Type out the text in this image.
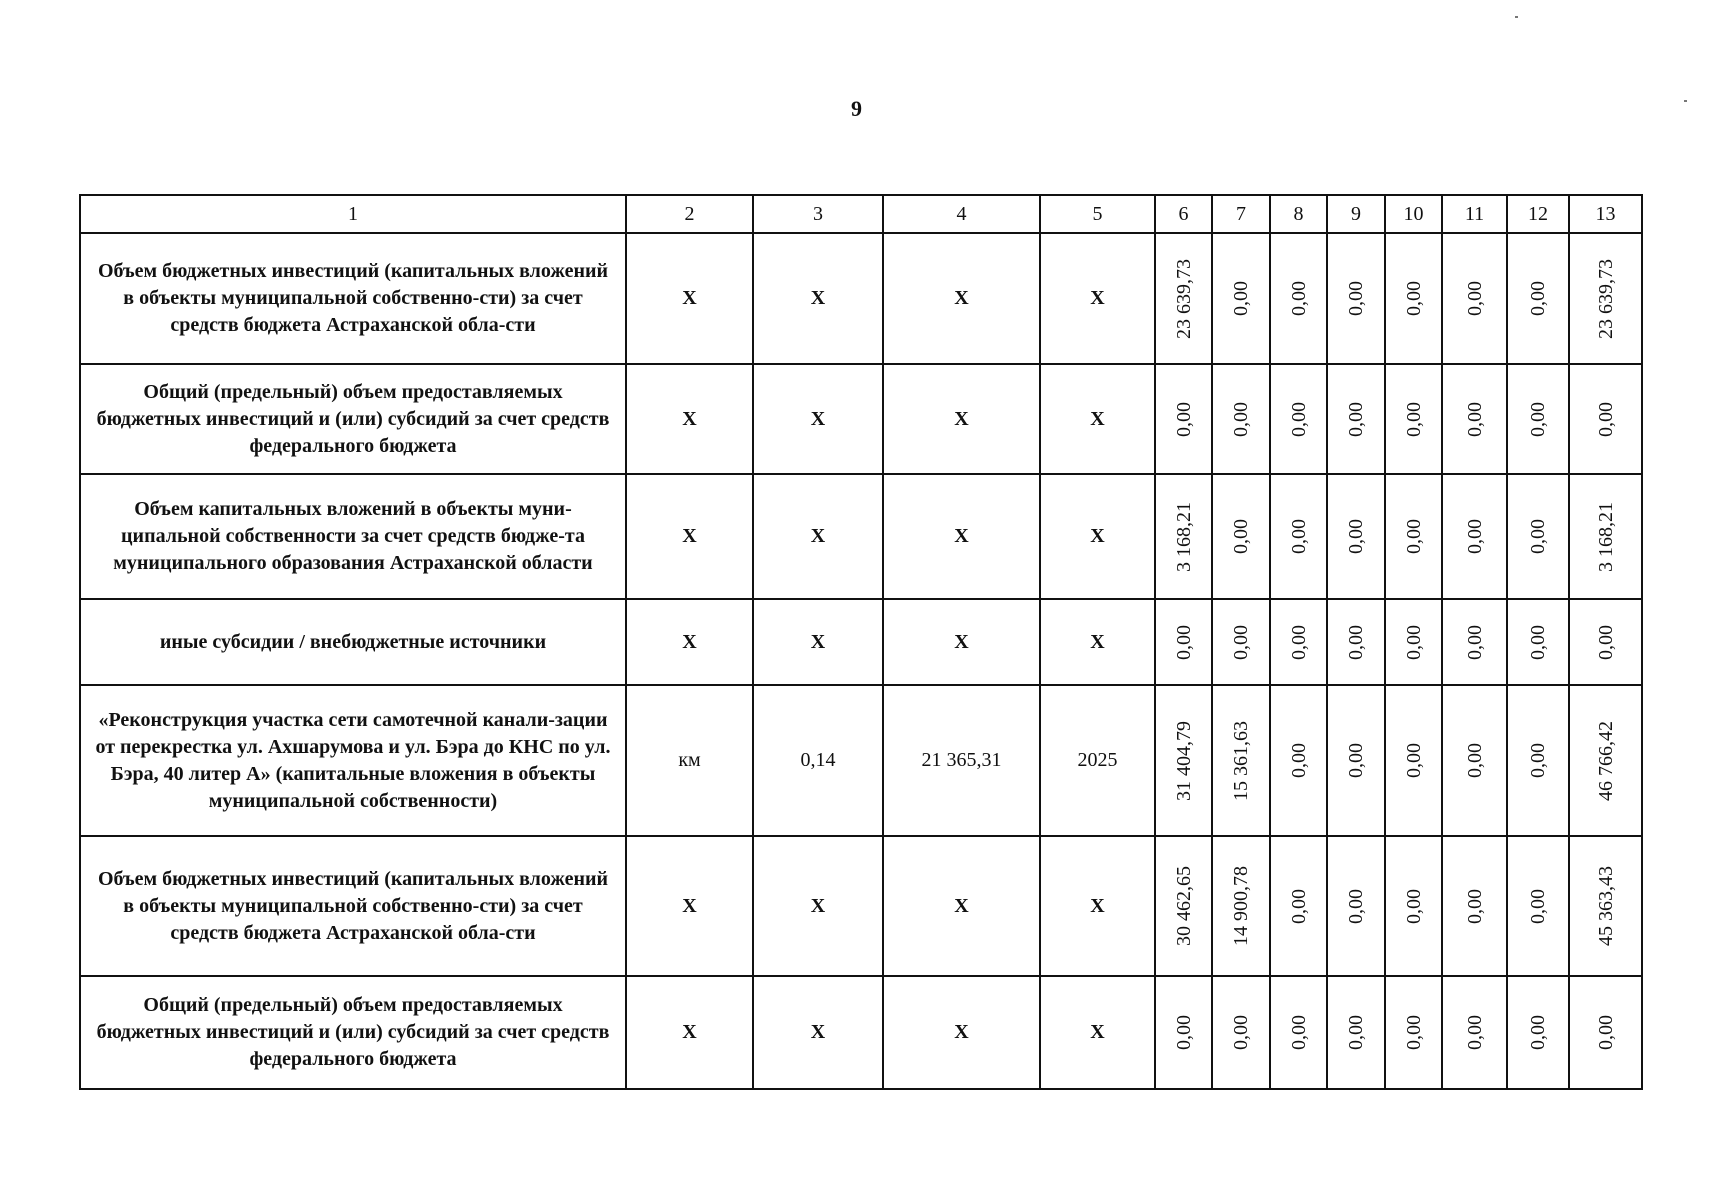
9
1	2	3	4	5	6	7	8	9	10	11	12	13
Объем бюджетных инвестиций (капитальных вложений в объекты муниципальной собственно-сти) за счет средств бюджета Астраханской обла-сти	Х	Х	Х	Х	23 639,73	0,00	0,00	0,00	0,00	0,00	0,00	23 639,73

Общий (предельный) объем предоставляемых бюджетных инвестиций и (или) субсидий за счет средств федерального бюджета	Х	Х	Х	Х	0,00	0,00	0,00	0,00	0,00	0,00	0,00	0,00

Объем капитальных вложений в объекты муни-ципальной собственности за счет средств бюдже-та муниципального образования Астраханской области	Х	Х	Х	Х	3 168,21	0,00	0,00	0,00	0,00	0,00	0,00	3 168,21

иные субсидии / внебюджетные источники	Х	Х	Х	Х	0,00	0,00	0,00	0,00	0,00	0,00	0,00	0,00

«Реконструкция участка сети самотечной канали-зации от перекрестка ул. Ахшарумова и ул. Бэра до КНС по ул. Бэра, 40 литер А» (капитальные вложения в объекты муниципальной собственности)	км	0,14	21 365,31	2025	31 404,79	15 361,63	0,00	0,00	0,00	0,00	0,00	46 766,42

Объем бюджетных инвестиций (капитальных вложений в объекты муниципальной собственно-сти) за счет средств бюджета Астраханской обла-сти	Х	Х	Х	Х	30 462,65	14 900,78	0,00	0,00	0,00	0,00	0,00	45 363,43

Общий (предельный) объем предоставляемых бюджетных инвестиций и (или) субсидий за счет средств федерального бюджета	Х	Х	Х	Х	0,00	0,00	0,00	0,00	0,00	0,00	0,00	0,00
